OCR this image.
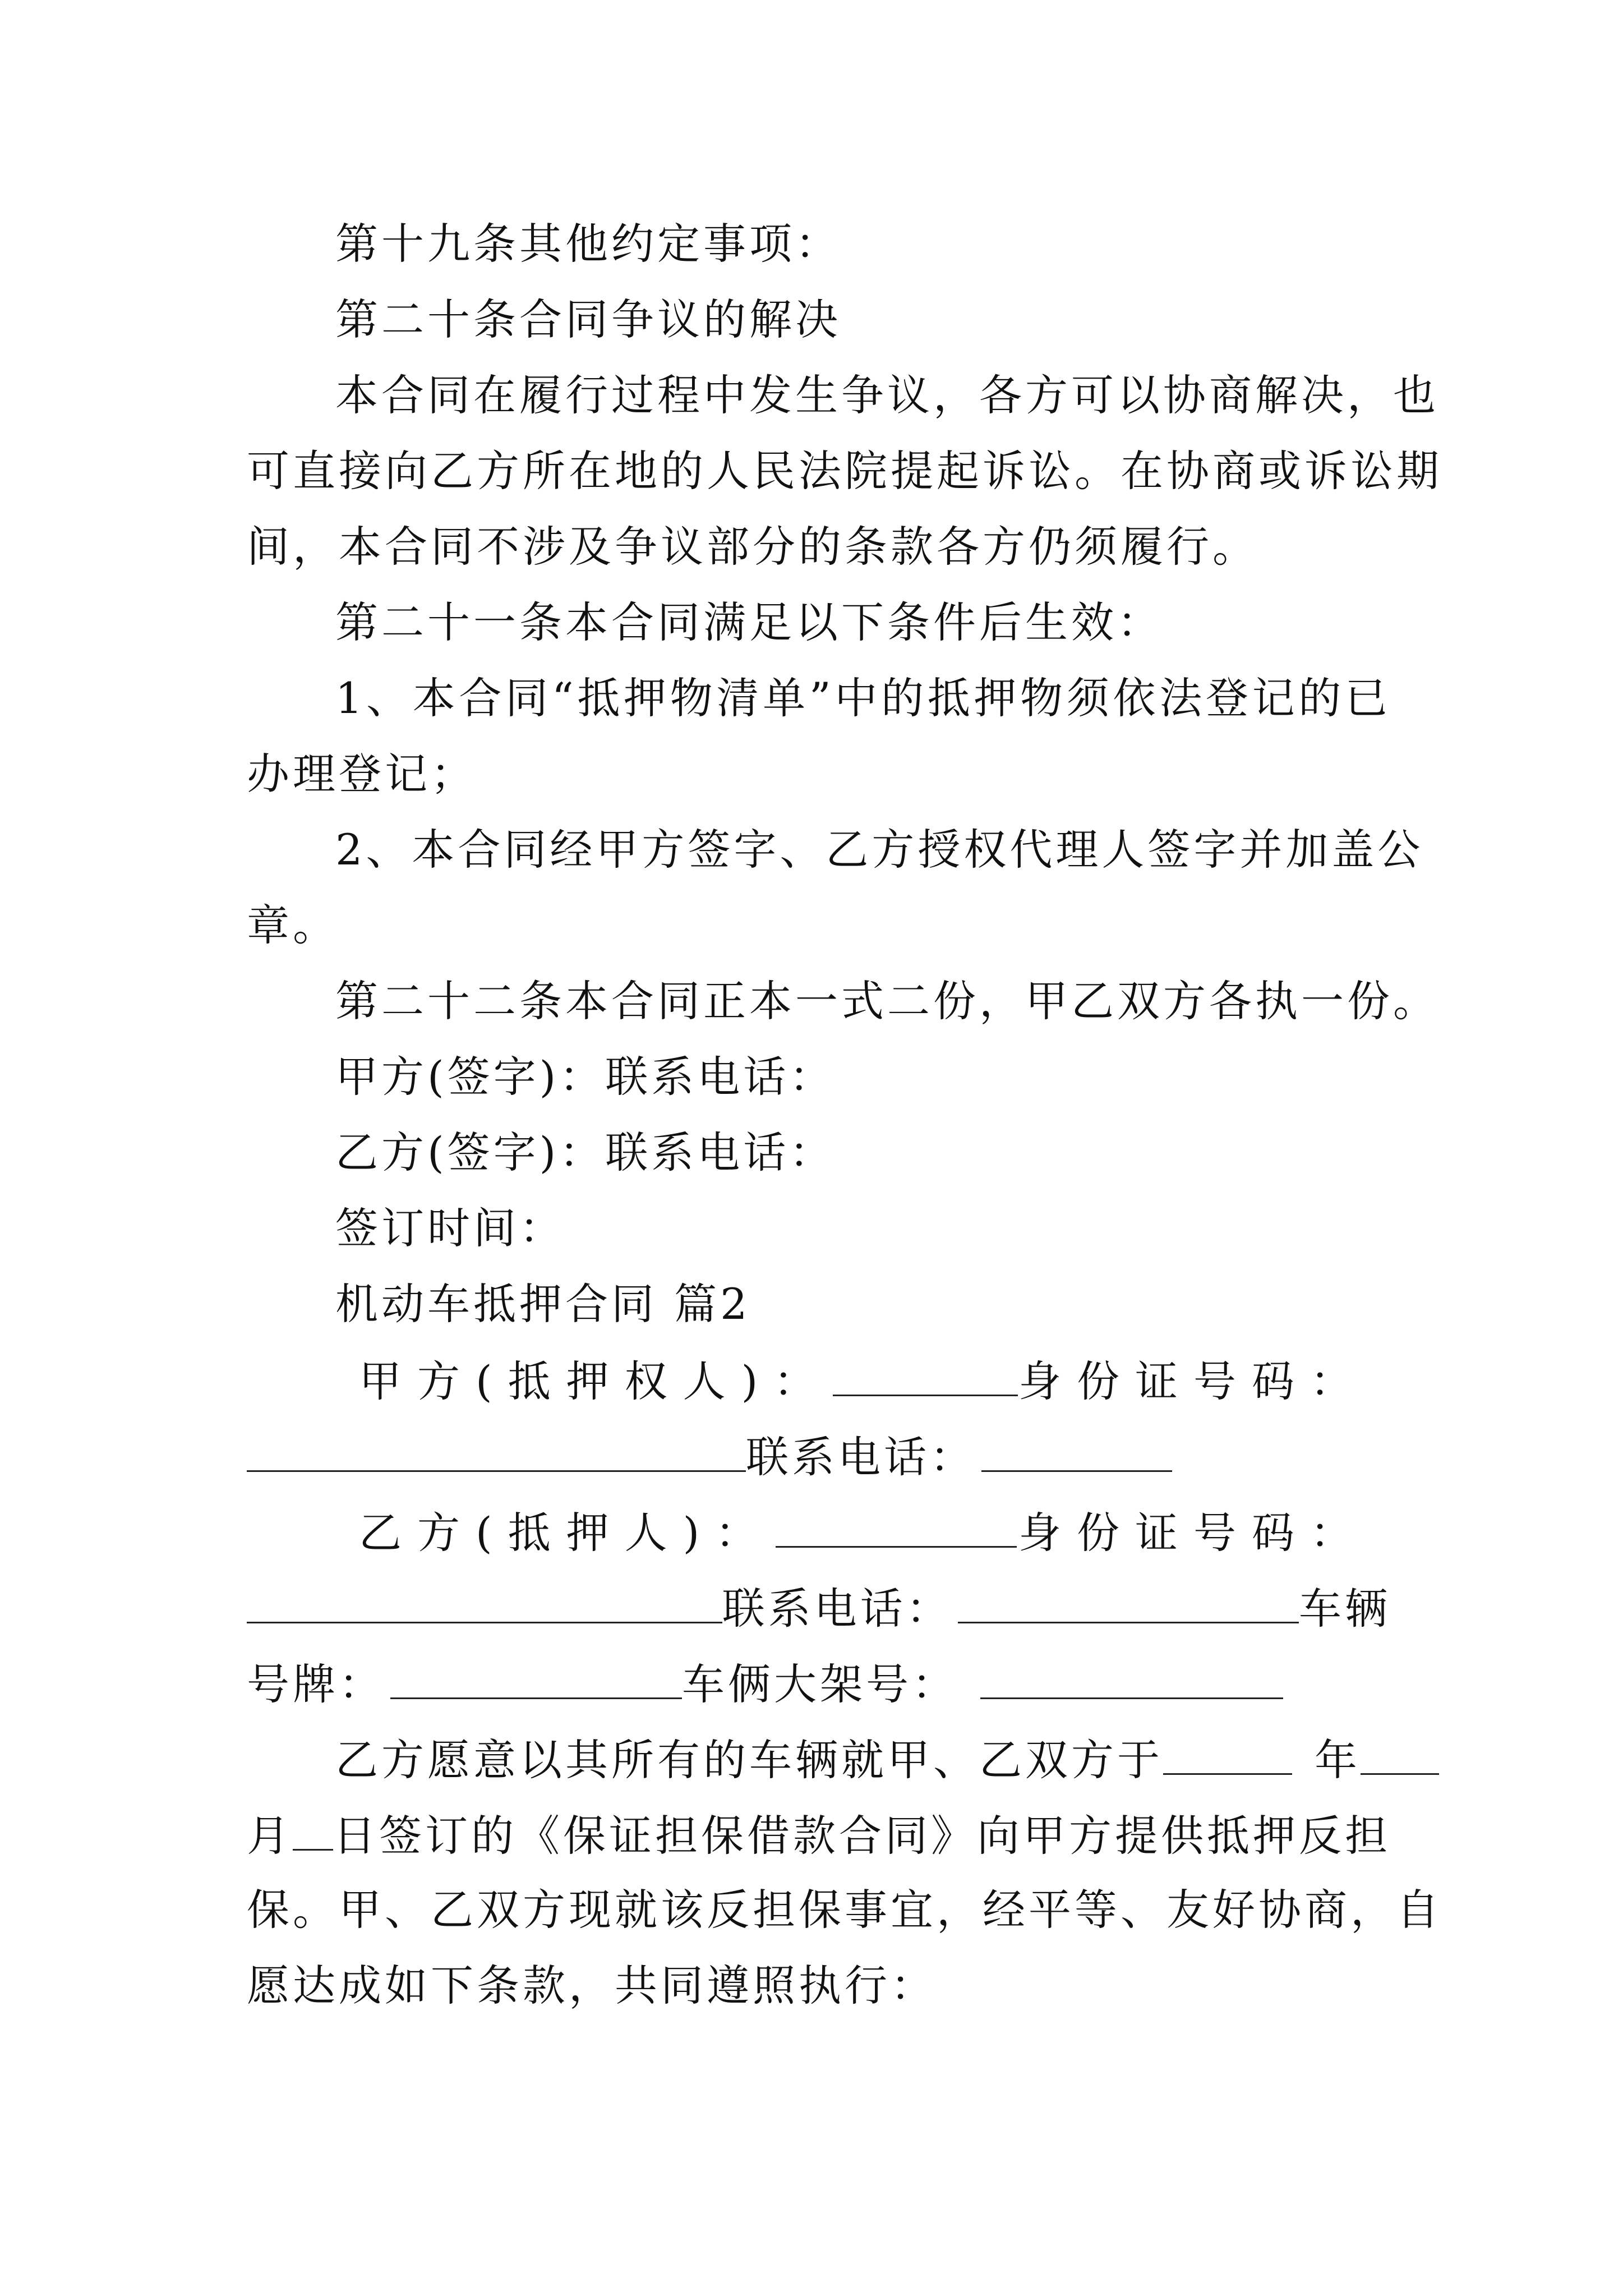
第十九条其他约定事项：
第二十条合同争议的解决
本合同在履行过程中发生争议，各方可以协商解决，也
可直接向乙方所在地的人民法院提起诉讼。在协商或诉讼期
间，本合同不涉及争议部分的条款各方仍须履行。
第二十一条本合同满足以下条件后生效：
1、本合同“抵押物清单”中的抵押物须依法登记的已
办理登记；
2、本合同经甲方签字、乙方授权代理人签字并加盖公
章。
第二十二条本合同正本一式二份，甲乙双方各执一份。
甲方(签字)：联系电话：
乙方(签字)：联系电话：
签订时间：
机动车抵押合同 篇2
甲方(抵押权人)：	身份证号码：
联系电话：
乙方(抵押人)：	身份证号码：
联系电话：	车辆
号牌：	车俩大架号：
乙方愿意以其所有的车辆就甲、乙双方于	年
月 日签订的《保证担保借款合同》向甲方提供抵押反担
保。甲、乙双方现就该反担保事宜，经平等、友好协商，自
愿达成如下条款，共同遵照执行：
